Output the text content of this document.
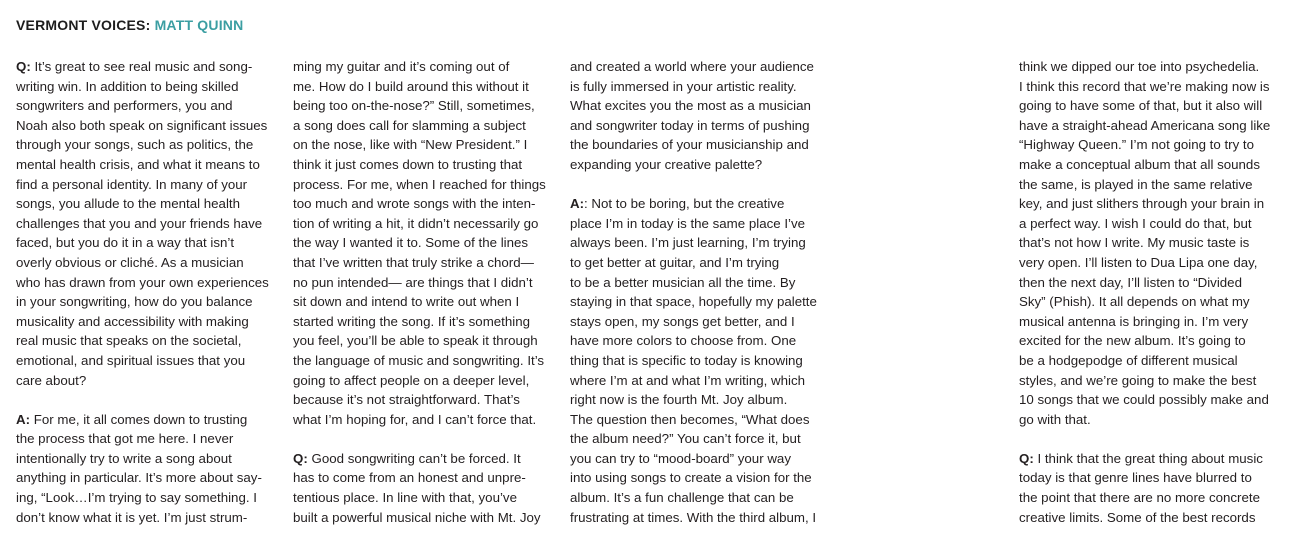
VERMONT VOICES: MATT QUINN
Q: It’s great to see real music and song-
writing win. In addition to being skilled
songwriters and performers, you and
Noah also both speak on significant issues
through your songs, such as politics, the
mental health crisis, and what it means to
find a personal identity. In many of your
songs, you allude to the mental health
challenges that you and your friends have
faced, but you do it in a way that isn’t
overly obvious or cliché. As a musician
who has drawn from your own experiences
in your songwriting, how do you balance
musicality and accessibility with making
real music that speaks on the societal,
emotional, and spiritual issues that you
care about?
A: For me, it all comes down to trusting
the process that got me here. I never
intentionally try to write a song about
anything in particular. It’s more about say-
ing, “Look…I’m trying to say something. I
don’t know what it is yet. I’m just strum-
ming my guitar and it’s coming out of
me. How do I build around this without it
being too on-the-nose?” Still, sometimes,
a song does call for slamming a subject
on the nose, like with “New President.” I
think it just comes down to trusting that
process. For me, when I reached for things
too much and wrote songs with the inten-
tion of writing a hit, it didn’t necessarily go
the way I wanted it to. Some of the lines
that I’ve written that truly strike a chord—
no pun intended— are things that I didn’t
sit down and intend to write out when I
started writing the song. If it’s something
you feel, you’ll be able to speak it through
the language of music and songwriting. It’s
going to affect people on a deeper level,
because it’s not straightforward. That’s
what I’m hoping for, and I can’t force that.
Q: Good songwriting can’t be forced. It
has to come from an honest and unpre-
tentious place. In line with that, you’ve
built a powerful musical niche with Mt. Joy
and created a world where your audience
is fully immersed in your artistic reality.
What excites you the most as a musician
and songwriter today in terms of pushing
the boundaries of your musicianship and
expanding your creative palette?
A:: Not to be boring, but the creative
place I’m in today is the same place I’ve
always been. I’m just learning, I’m trying
to get better at guitar, and I’m trying
to be a better musician all the time. By
staying in that space, hopefully my palette
stays open, my songs get better, and I
have more colors to choose from. One
thing that is specific to today is knowing
where I’m at and what I’m writing, which
right now is the fourth Mt. Joy album.
The question then becomes, “What does
the album need?” You can’t force it, but
you can try to “mood-board” your way
into using songs to create a vision for the
album. It’s a fun challenge that can be
frustrating at times. With the third album, I
think we dipped our toe into psychedelia.
I think this record that we’re making now is
going to have some of that, but it also will
have a straight-ahead Americana song like
“Highway Queen.” I’m not going to try to
make a conceptual album that all sounds
the same, is played in the same relative
key, and just slithers through your brain in
a perfect way. I wish I could do that, but
that’s not how I write. My music taste is
very open. I’ll listen to Dua Lipa one day,
then the next day, I’ll listen to “Divided
Sky” (Phish). It all depends on what my
musical antenna is bringing in. I’m very
excited for the new album. It’s going to
be a hodgepodge of different musical
styles, and we’re going to make the best
10 songs that we could possibly make and
go with that.
Q: I think that the great thing about music
today is that genre lines have blurred to
the point that there are no more concrete
creative limits. Some of the best records
